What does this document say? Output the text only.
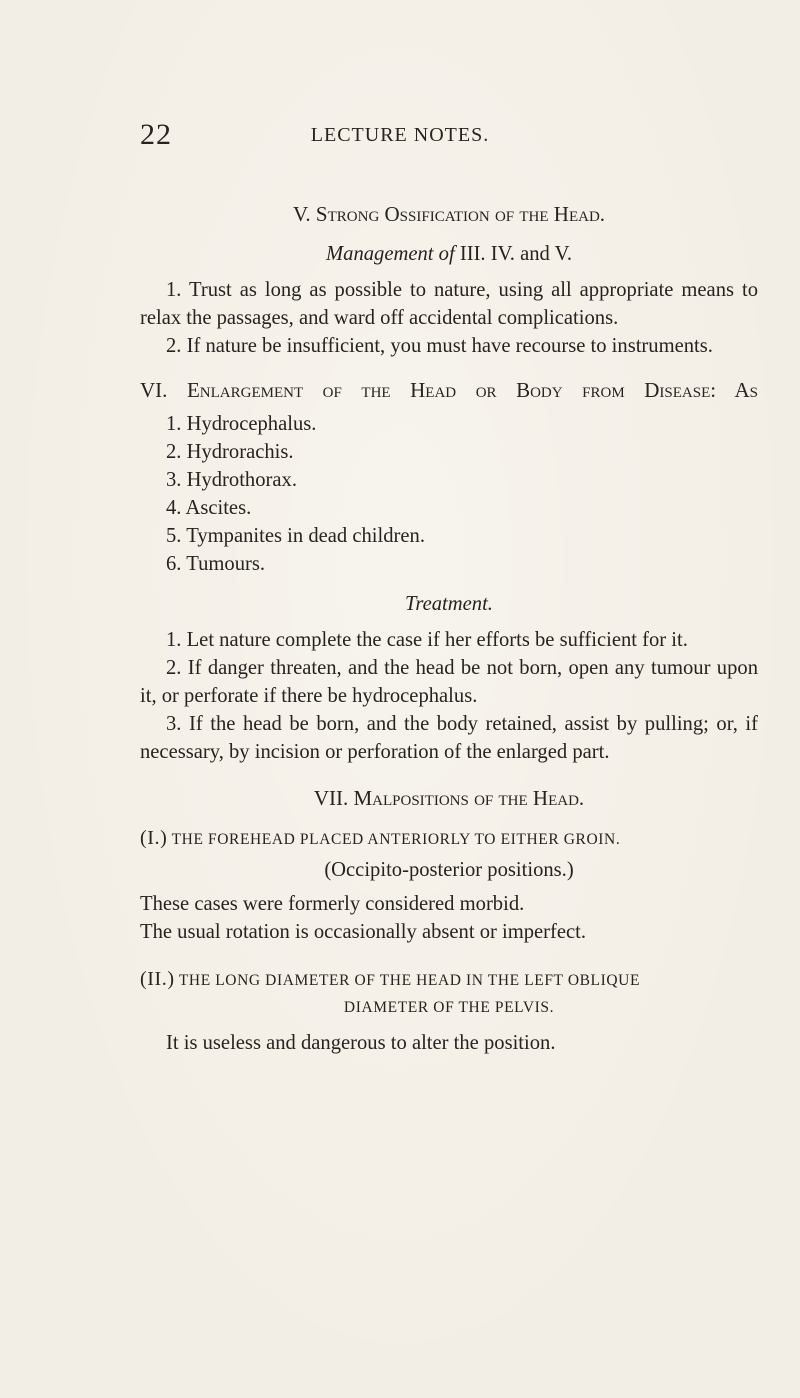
22	LECTURE NOTES.
V. Strong Ossification of the Head.
Management of III. IV. and V.

1. Trust as long as possible to nature, using all appropriate means to relax the passages, and ward off accidental complications.

2. If nature be insufficient, you must have recourse to instruments.

VI. Enlargement of the Head or Body from Disease: As
1. Hydrocephalus.
2. Hydrorachis.
3. Hydrothorax.
4. Ascites.
5. Tympanites in dead children.
6. Tumours.
Treatment.

1. Let nature complete the case if her efforts be sufficient for it.

2. If danger threaten, and the head be not born, open any tumour upon it, or perforate if there be hydrocephalus.

3. If the head be born, and the body retained, assist by pulling; or, if necessary, by incision or perforation of the enlarged part.

VII. Malpositions of the Head.
(I.) THE FOREHEAD PLACED ANTERIORLY TO EITHER GROIN.
(Occipito-posterior positions.)

These cases were formerly considered morbid.

The usual rotation is occasionally absent or imperfect.

(II.) THE LONG DIAMETER OF THE HEAD IN THE LEFT OBLIQUE
DIAMETER OF THE PELVIS.

It is useless and dangerous to alter the position.
